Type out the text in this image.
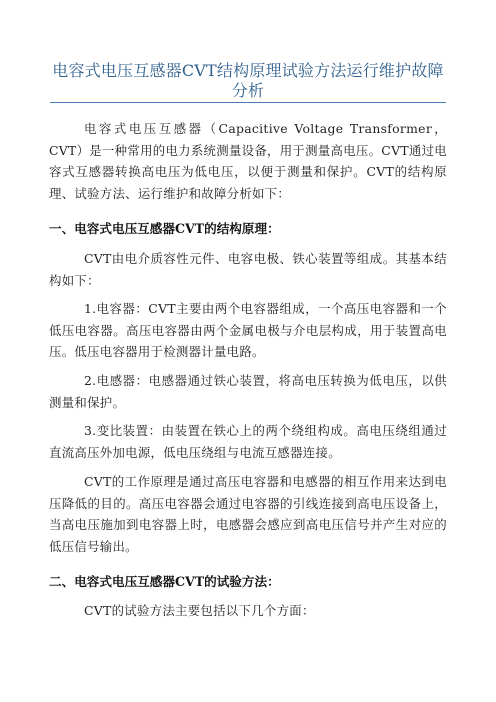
电容式电压互感器CVT结构原理试验方法运行维护故障分析
电容式电压互感器（Capacitive Voltage Transformer，CVT）是一种常用的电力系统测量设备，用于测量高电压。CVT通过电容式互感器转换高电压为低电压，以便于测量和保护。CVT的结构原理、试验方法、运行维护和故障分析如下：
一、电容式电压互感器CVT的结构原理：
CVT由电介质容性元件、电容电极、铁心装置等组成。其基本结构如下：
1.电容器：CVT主要由两个电容器组成，一个高压电容器和一个低压电容器。高压电容器由两个金属电极与介电层构成，用于装置高电压。低压电容器用于检测器计量电路。
2.电感器：电感器通过铁心装置，将高电压转换为低电压，以供测量和保护。
3.变比装置：由装置在铁心上的两个绕组构成。高电压绕组通过直流高压外加电源，低电压绕组与电流互感器连接。
CVT的工作原理是通过高压电容器和电感器的相互作用来达到电压降低的目的。高压电容器会通过电容器的引线连接到高电压设备上，当高电压施加到电容器上时，电感器会感应到高电压信号并产生对应的低压信号输出。
二、电容式电压互感器CVT的试验方法：
CVT的试验方法主要包括以下几个方面：
